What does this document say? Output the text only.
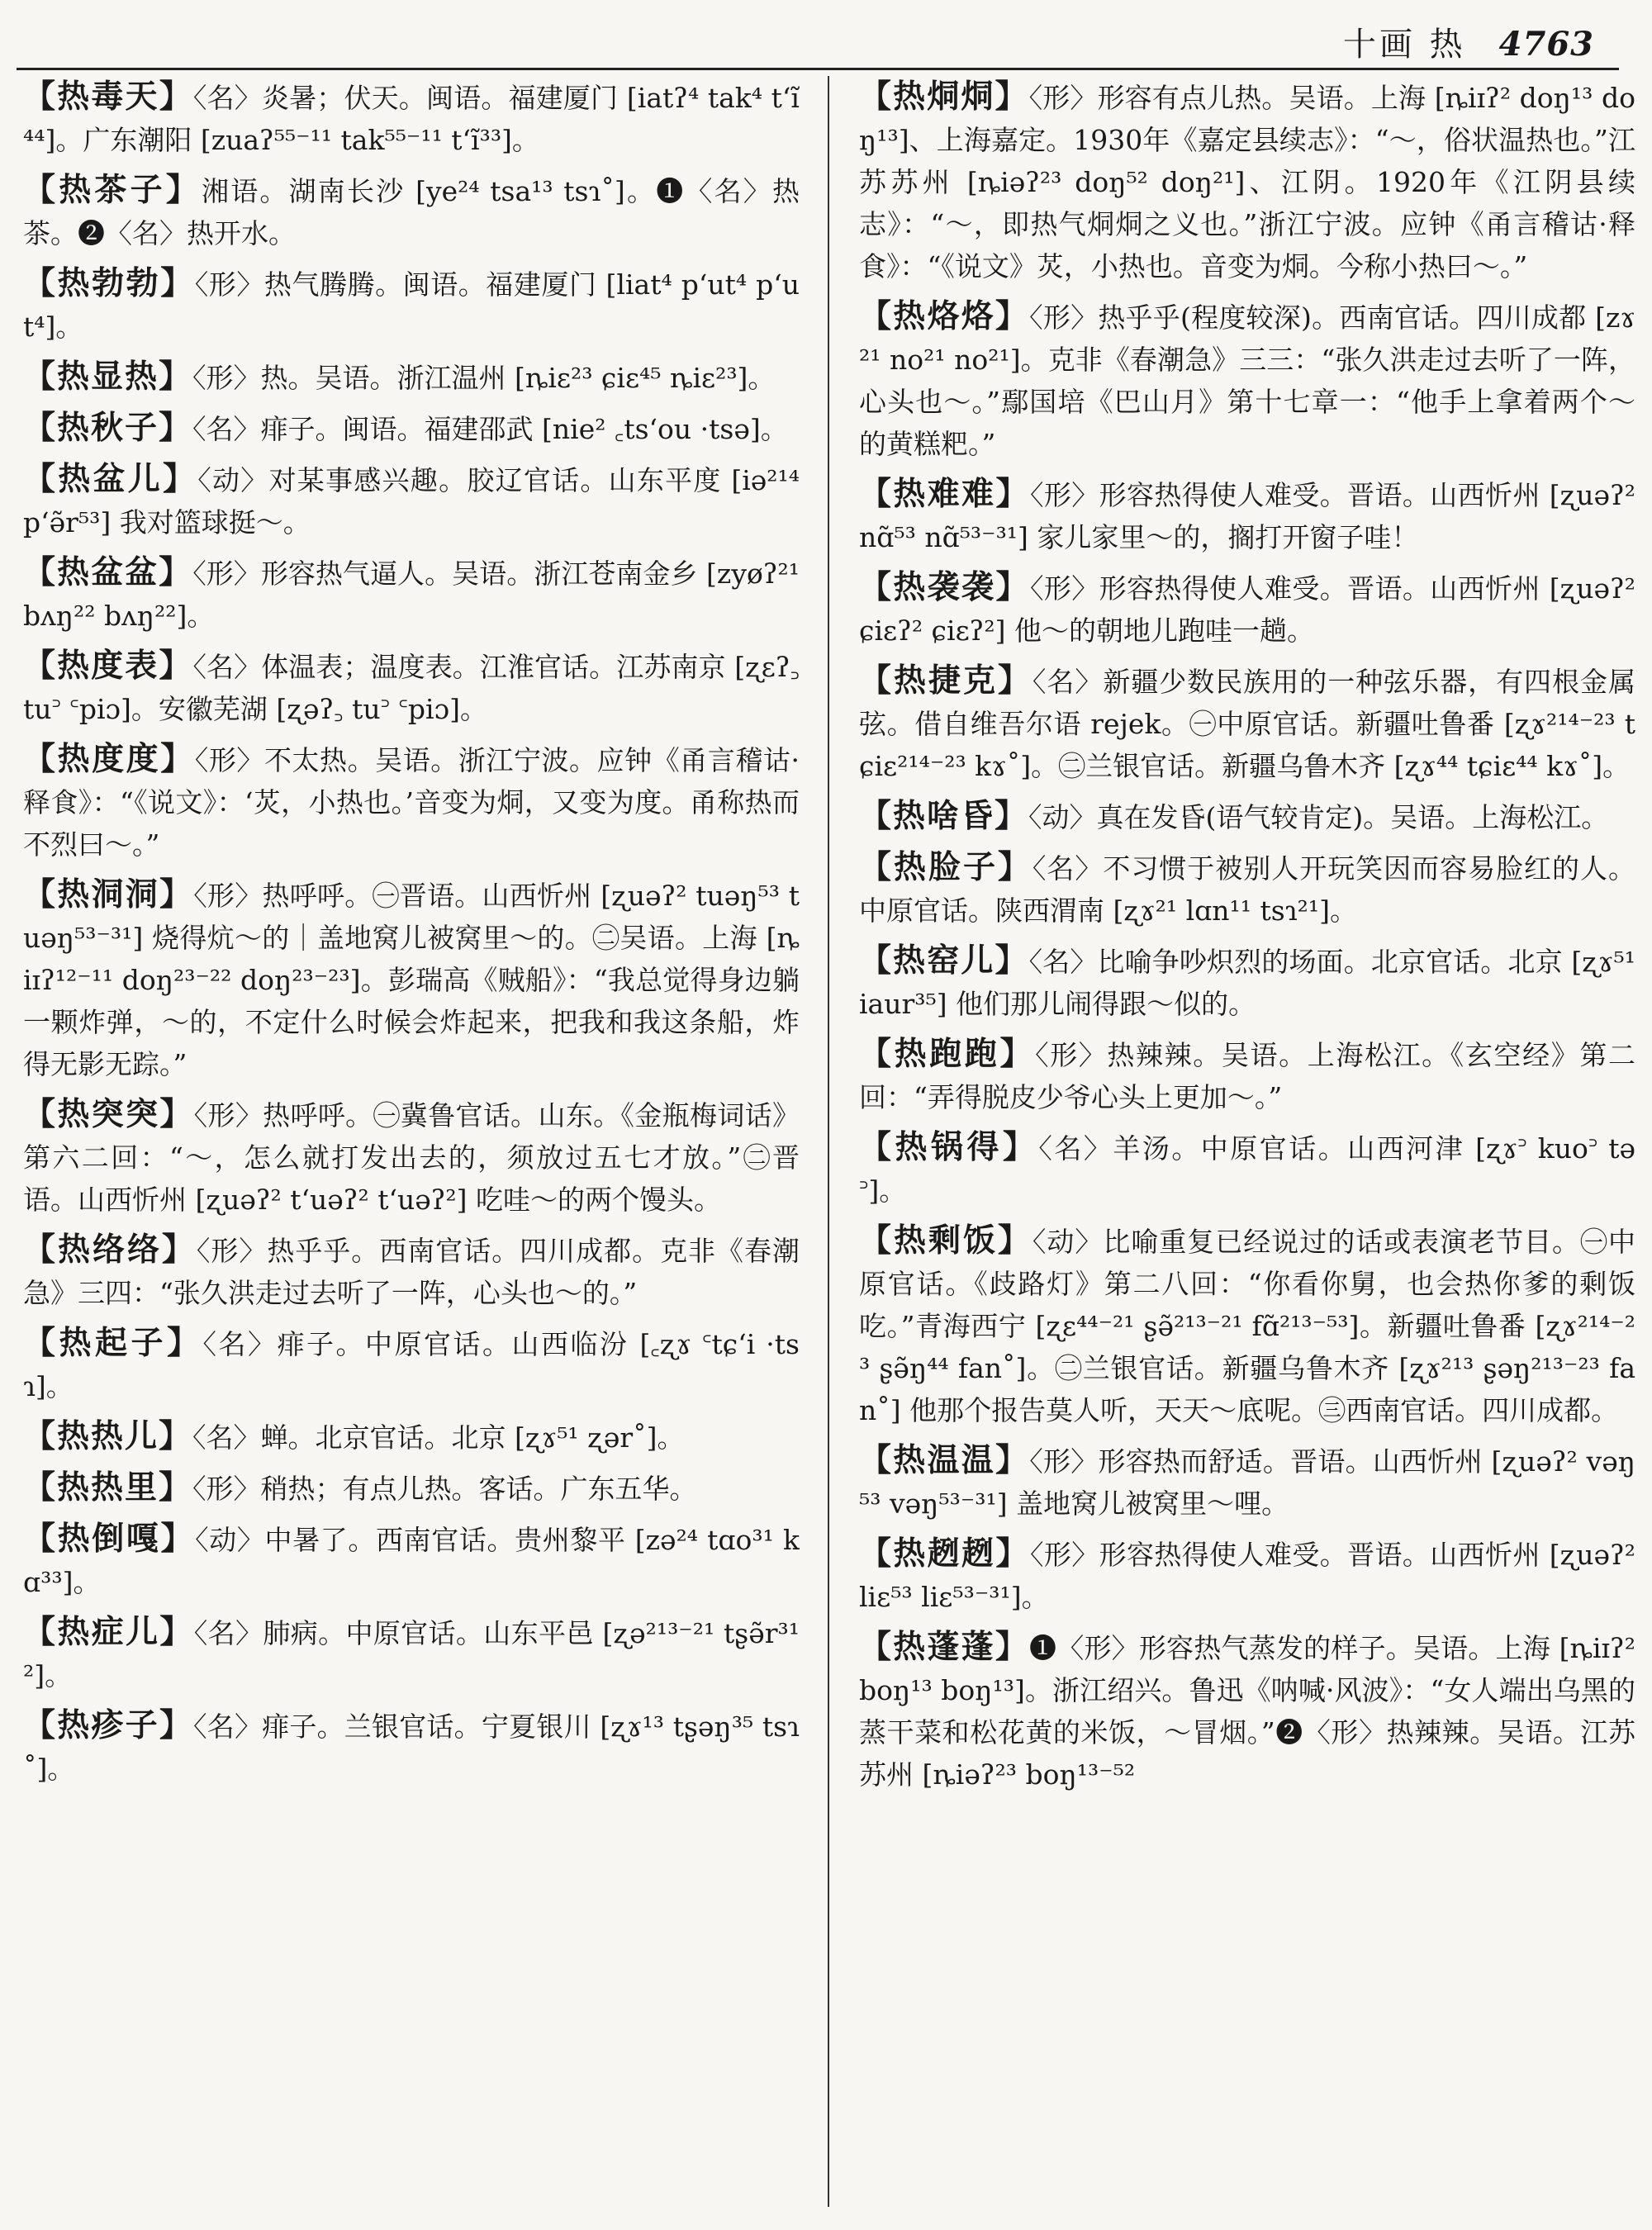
十画 热 4763
【热毒天】〈名〉炎暑；伏天。闽语。福建厦门 [iatʔ⁴ tak⁴ tʻĩ⁴⁴]。广东潮阳 [zuaʔ⁵⁵⁻¹¹ tak⁵⁵⁻¹¹ tʻĩ³³]。
【热茶子】湘语。湖南长沙 [ye²⁴ tsa¹³ tsɿ˚]。❶〈名〉热茶。❷〈名〉热开水。
【热勃勃】〈形〉热气腾腾。闽语。福建厦门 [liat⁴ pʻut⁴ pʻut⁴]。
【热显热】〈形〉热。吴语。浙江温州 [ȵiɛ²³ ɕiɛ⁴⁵ ȵiɛ²³]。
【热秋子】〈名〉痱子。闽语。福建邵武 [nie² ꜀tsʻou ·tsə]。
【热盆儿】〈动〉对某事感兴趣。胶辽官话。山东平度 [iə²¹⁴ pʻə̃r⁵³] 我对篮球挺～。
【热盆盆】〈形〉形容热气逼人。吴语。浙江苍南金乡 [zyøʔ²¹ bʌŋ²² bʌŋ²²]。
【热度表】〈名〉体温表；温度表。江淮官话。江苏南京 [ʐɛʔ꜆ tu꜄ ꜂piɔ]。安徽芜湖 [ʐəʔ꜆ tu꜄ ꜂piɔ]。
【热度度】〈形〉不太热。吴语。浙江宁波。应钟《甬言稽诂·释食》：“《说文》：‘炗，小热也。’音变为烔，又变为度。甬称热而不烈曰～。”
【热洞洞】〈形〉热呼呼。㊀晋语。山西忻州 [ʐuəʔ² tuəŋ⁵³ tuəŋ⁵³⁻³¹] 烧得炕～的｜盖地窝儿被窝里～的。㊁吴语。上海 [ȵiɪʔ¹²⁻¹¹ doŋ²³⁻²² doŋ²³⁻²³]。彭瑞高《贼船》：“我总觉得身边躺一颗炸弹，～的，不定什么时候会炸起来，把我和我这条船，炸得无影无踪。”
【热突突】〈形〉热呼呼。㊀冀鲁官话。山东。《金瓶梅词话》第六二回：“～，怎么就打发出去的，须放过五七才放。”㊁晋语。山西忻州 [ʐuəʔ² tʻuəʔ² tʻuəʔ²] 吃哇～的两个馒头。
【热络络】〈形〉热乎乎。西南官话。四川成都。克非《春潮急》三四：“张久洪走过去听了一阵，心头也～的。”
【热起子】〈名〉痱子。中原官话。山西临汾 [꜀ʐɤ ꜂tɕʻi ·tsɿ]。
【热热儿】〈名〉蝉。北京官话。北京 [ʐɤ⁵¹ ʐər˚]。
【热热里】〈形〉稍热；有点儿热。客话。广东五华。
【热倒嘎】〈动〉中暑了。西南官话。贵州黎平 [zə²⁴ tɑo³¹ kɑ³³]。
【热症儿】〈名〉肺病。中原官话。山东平邑 [ʐə²¹³⁻²¹ tʂə̃r³¹²]。
【热疹子】〈名〉痱子。兰银官话。宁夏银川 [ʐɤ¹³ tʂəŋ³⁵ tsɿ˚]。
【热烔烔】〈形〉形容有点儿热。吴语。上海 [ȵiɪʔ² doŋ¹³ doŋ¹³]、上海嘉定。1930年《嘉定县续志》：“～，俗状温热也。”江苏苏州 [ȵiəʔ²³ doŋ⁵² doŋ²¹]、江阴。1920年《江阴县续志》：“～，即热气烔烔之义也。”浙江宁波。应钟《甬言稽诂·释食》：“《说文》炗，小热也。音变为烔。今称小热曰～。”
【热烙烙】〈形〉热乎乎(程度较深)。西南官话。四川成都 [zɤ²¹ no²¹ no²¹]。克非《春潮急》三三：“张久洪走过去听了一阵，心头也～。”鄢国培《巴山月》第十七章一：“他手上拿着两个～的黄糕粑。”
【热难难】〈形〉形容热得使人难受。晋语。山西忻州 [ʐuəʔ² nɑ̃⁵³ nɑ̃⁵³⁻³¹] 家儿家里～的，搁打开窗子哇！
【热袭袭】〈形〉形容热得使人难受。晋语。山西忻州 [ʐuəʔ² ɕiɛʔ² ɕiɛʔ²] 他～的朝地儿跑哇一趟。
【热捷克】〈名〉新疆少数民族用的一种弦乐器，有四根金属弦。借自维吾尔语 rejek。㊀中原官话。新疆吐鲁番 [ʐɤ²¹⁴⁻²³ tɕiɛ²¹⁴⁻²³ kɤ˚]。㊁兰银官话。新疆乌鲁木齐 [ʐɤ⁴⁴ tɕiɛ⁴⁴ kɤ˚]。
【热啥昏】〈动〉真在发昏(语气较肯定)。吴语。上海松江。
【热脸子】〈名〉不习惯于被别人开玩笑因而容易脸红的人。中原官话。陕西渭南 [ʐɤ²¹ lɑn¹¹ tsɿ²¹]。
【热窑儿】〈名〉比喻争吵炽烈的场面。北京官话。北京 [ʐɤ⁵¹ iaur³⁵] 他们那儿闹得跟～似的。
【热跑跑】〈形〉热辣辣。吴语。上海松江。《玄空经》第二回：“弄得脱皮少爷心头上更加～。”
【热锅得】〈名〉羊汤。中原官话。山西河津 [ʐɤ꜄ kuo꜄ tə꜄]。
【热剩饭】〈动〉比喻重复已经说过的话或表演老节目。㊀中原官话。《歧路灯》第二八回：“你看你舅，也会热你爹的剩饭吃。”青海西宁 [ʐɛ⁴⁴⁻²¹ ʂə̃²¹³⁻²¹ fɑ̃²¹³⁻⁵³]。新疆吐鲁番 [ʐɤ²¹⁴⁻²³ ʂə̃ŋ⁴⁴ fan˚]。㊁兰银官话。新疆乌鲁木齐 [ʐɤ²¹³ ʂəŋ²¹³⁻²³ fan˚] 他那个报告莫人听，天天～底呢。㊂西南官话。四川成都。
【热温温】〈形〉形容热而舒适。晋语。山西忻州 [ʐuəʔ² vəŋ⁵³ vəŋ⁵³⁻³¹] 盖地窝儿被窝里～哩。
【热趔趔】〈形〉形容热得使人难受。晋语。山西忻州 [ʐuəʔ² liɛ⁵³ liɛ⁵³⁻³¹]。
【热蓬蓬】❶〈形〉形容热气蒸发的样子。吴语。上海 [ȵiɪʔ² boŋ¹³ boŋ¹³]。浙江绍兴。鲁迅《呐喊·风波》：“女人端出乌黑的蒸干菜和松花黄的米饭，～冒烟。”❷〈形〉热辣辣。吴语。江苏苏州 [ȵiəʔ²³ boŋ¹³⁻⁵²
